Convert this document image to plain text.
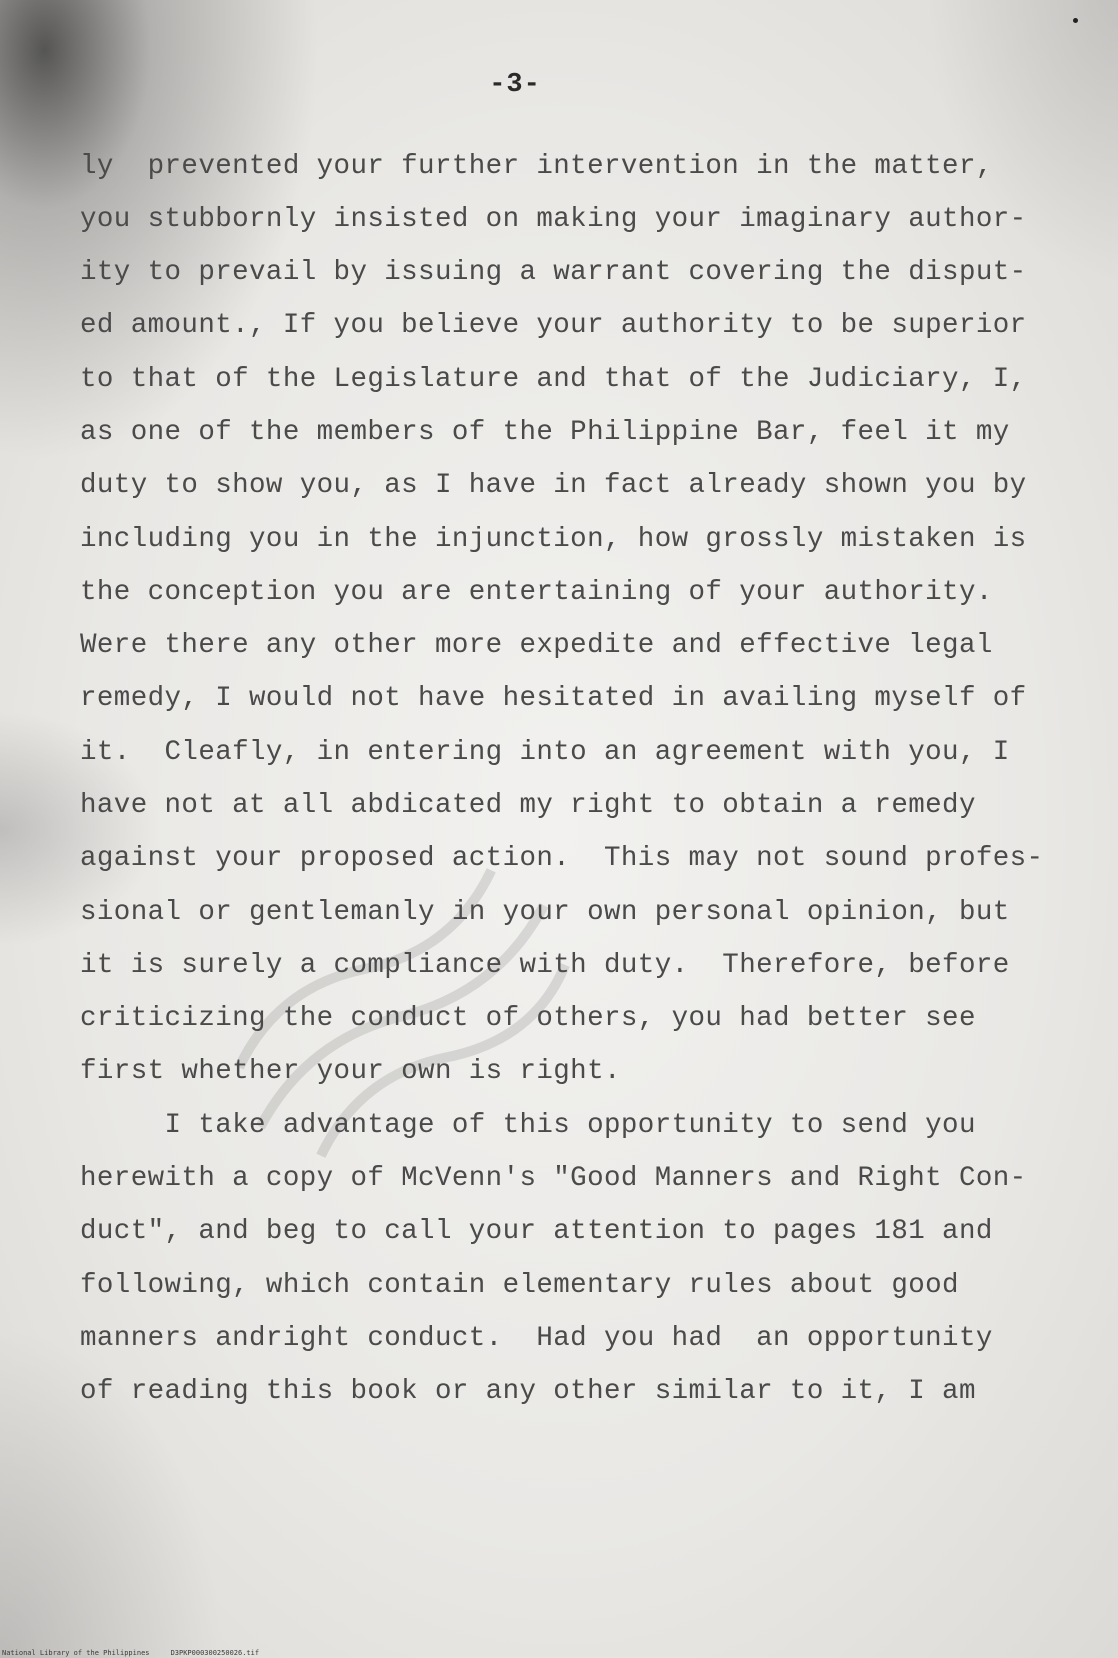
-3-
ly  prevented your further intervention in the matter,
you stubbornly insisted on making your imaginary author-
ity to prevail by issuing a warrant covering the disput-
ed amount., If you believe your authority to be superior
to that of the Legislature and that of the Judiciary, I,
as one of the members of the Philippine Bar, feel it my
duty to show you, as I have in fact already shown you by
including you in the injunction, how grossly mistaken is
the conception you are entertaining of your authority.
Were there any other more expedite and effective legal
remedy, I would not have hesitated in availing myself of
it.  Cleafly, in entering into an agreement with you, I
have not at all abdicated my right to obtain a remedy
against your proposed action.  This may not sound profes-
sional or gentlemanly in your own personal opinion, but
it is surely a compliance with duty.  Therefore, before
criticizing the conduct of others, you had better see
first whether your own is right.
I take advantage of this opportunity to send you
herewith a copy of McVenn's "Good Manners and Right Con-
duct", and beg to call your attention to pages 181 and
following, which contain elementary rules about good
manners andright conduct.  Had you had  an opportunity
of reading this book or any other similar to it, I am
National Library of the Philippines     D3PKP000300250026.tif
